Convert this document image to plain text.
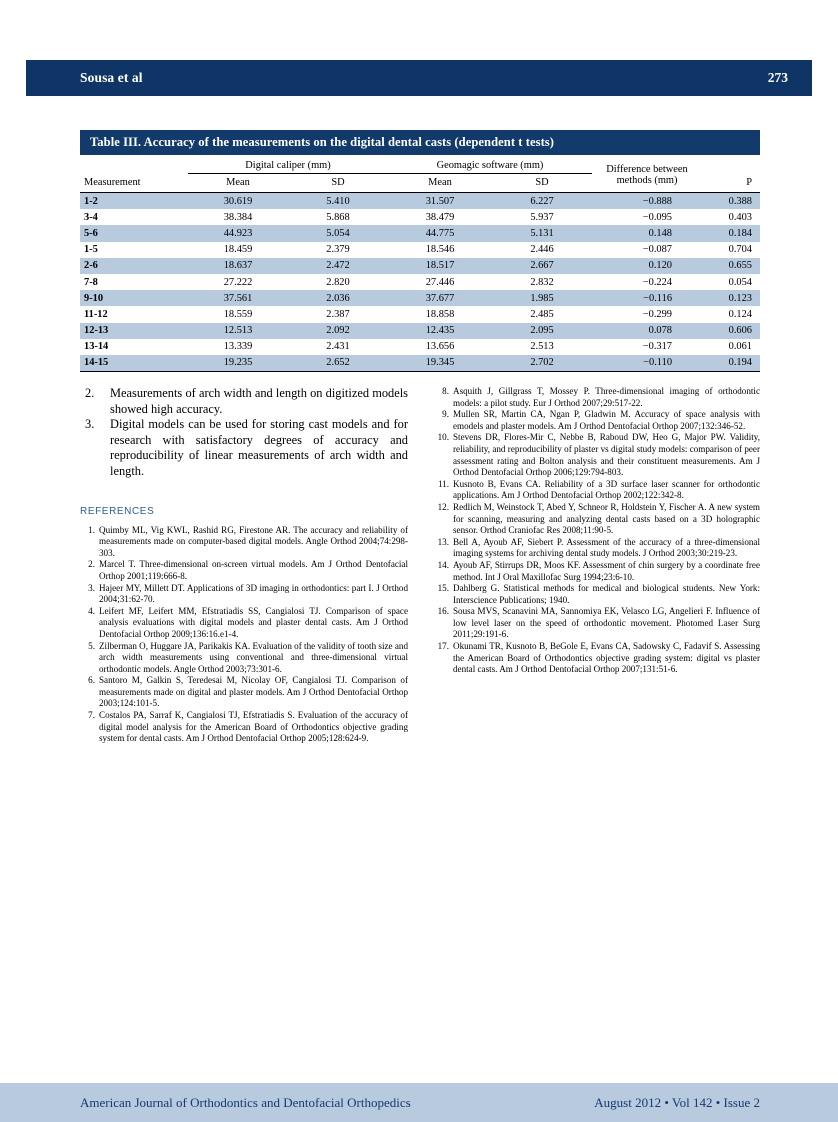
Sousa et al	273
Table III. Accuracy of the measurements on the digital dental casts (dependent t tests)
	Digital caliper (mm)		Geomagic software (mm)		Difference between
methods (mm)	P
Measurement	Mean	SD	Mean	SD		
1-2	30.619	5.410	31.507	6.227	−0.888	0.388
3-4	38.384	5.868	38.479	5.937	−0.095	0.403
5-6	44.923	5.054	44.775	5.131	0.148	0.184
1-5	18.459	2.379	18.546	2.446	−0.087	0.704
2-6	18.637	2.472	18.517	2.667	0.120	0.655
7-8	27.222	2.820	27.446	2.832	−0.224	0.054
9-10	37.561	2.036	37.677	1.985	−0.116	0.123
11-12	18.559	2.387	18.858	2.485	−0.299	0.124
12-13	12.513	2.092	12.435	2.095	0.078	0.606
13-14	13.339	2.431	13.656	2.513	−0.317	0.061
14-15	19.235	2.652	19.345	2.702	−0.110	0.194
2. Measurements of arch width and length on digitized models showed high accuracy.
3. Digital models can be used for storing cast models and for research with satisfactory degrees of accuracy and reproducibility of linear measurements of arch width and length.
REFERENCES
1. Quimby ML, Vig KWL, Rashid RG, Firestone AR. The accuracy and reliability of measurements made on computer-based digital models. Angle Orthod 2004;74:298-303.
2. Marcel T. Three-dimensional on-screen virtual models. Am J Orthod Dentofacial Orthop 2001;119:666-8.
3. Hajeer MY, Millett DT. Applications of 3D imaging in orthodontics: part I. J Orthod 2004;31:62-70.
4. Leifert MF, Leifert MM, Efstratiadis SS, Cangialosi TJ. Comparison of space analysis evaluations with digital models and plaster dental casts. Am J Orthod Dentofacial Orthop 2009;136:16.e1-4.
5. Zilberman O, Huggare JA, Parikakis KA. Evaluation of the validity of tooth size and arch width measurements using conventional and three-dimensional virtual orthodontic models. Angle Orthod 2003;73:301-6.
6. Santoro M, Galkin S, Teredesai M, Nicolay OF, Cangialosi TJ. Comparison of measurements made on digital and plaster models. Am J Orthod Dentofacial Orthop 2003;124:101-5.
7. Costalos PA, Sarraf K, Cangialosi TJ, Efstratiadis S. Evaluation of the accuracy of digital model analysis for the American Board of Orthodontics objective grading system for dental casts. Am J Orthod Dentofacial Orthop 2005;128:624-9.
8. Asquith J, Gillgrass T, Mossey P. Three-dimensional imaging of orthodontic models: a pilot study. Eur J Orthod 2007;29:517-22.
9. Mullen SR, Martin CA, Ngan P, Gladwin M. Accuracy of space analysis with emodels and plaster models. Am J Orthod Dentofacial Orthop 2007;132:346-52.
10. Stevens DR, Flores-Mir C, Nebbe B, Raboud DW, Heo G, Major PW. Validity, reliability, and reproducibility of plaster vs digital study models: comparison of peer assessment rating and Bolton analysis and their constituent measurements. Am J Orthod Dentofacial Orthop 2006;129:794-803.
11. Kusnoto B, Evans CA. Reliability of a 3D surface laser scanner for orthodontic applications. Am J Orthod Dentofacial Orthop 2002;122:342-8.
12. Redlich M, Weinstock T, Abed Y, Schneor R, Holdstein Y, Fischer A. A new system for scanning, measuring and analyzing dental casts based on a 3D holographic sensor. Orthod Craniofac Res 2008;11:90-5.
13. Bell A, Ayoub AF, Siebert P. Assessment of the accuracy of a three-dimensional imaging systems for archiving dental study models. J Orthod 2003;30:219-23.
14. Ayoub AF, Stirrups DR, Moos KF. Assessment of chin surgery by a coordinate free method. Int J Oral Maxillofac Surg 1994;23:6-10.
15. Dahlberg G. Statistical methods for medical and biological students. New York: Interscience Publications; 1940.
16. Sousa MVS, Scanavini MA, Sannomiya EK, Velasco LG, Angelieri F. Influence of low level laser on the speed of orthodontic movement. Photomed Laser Surg 2011;29:191-6.
17. Okunami TR, Kusnoto B, BeGole E, Evans CA, Sadowsky C, Fadavif S. Assessing the American Board of Orthodontics objective grading system: digital vs plaster dental casts. Am J Orthod Dentofacial Orthop 2007;131:51-6.
American Journal of Orthodontics and Dentofacial Orthopedics	August 2012 • Vol 142 • Issue 2
